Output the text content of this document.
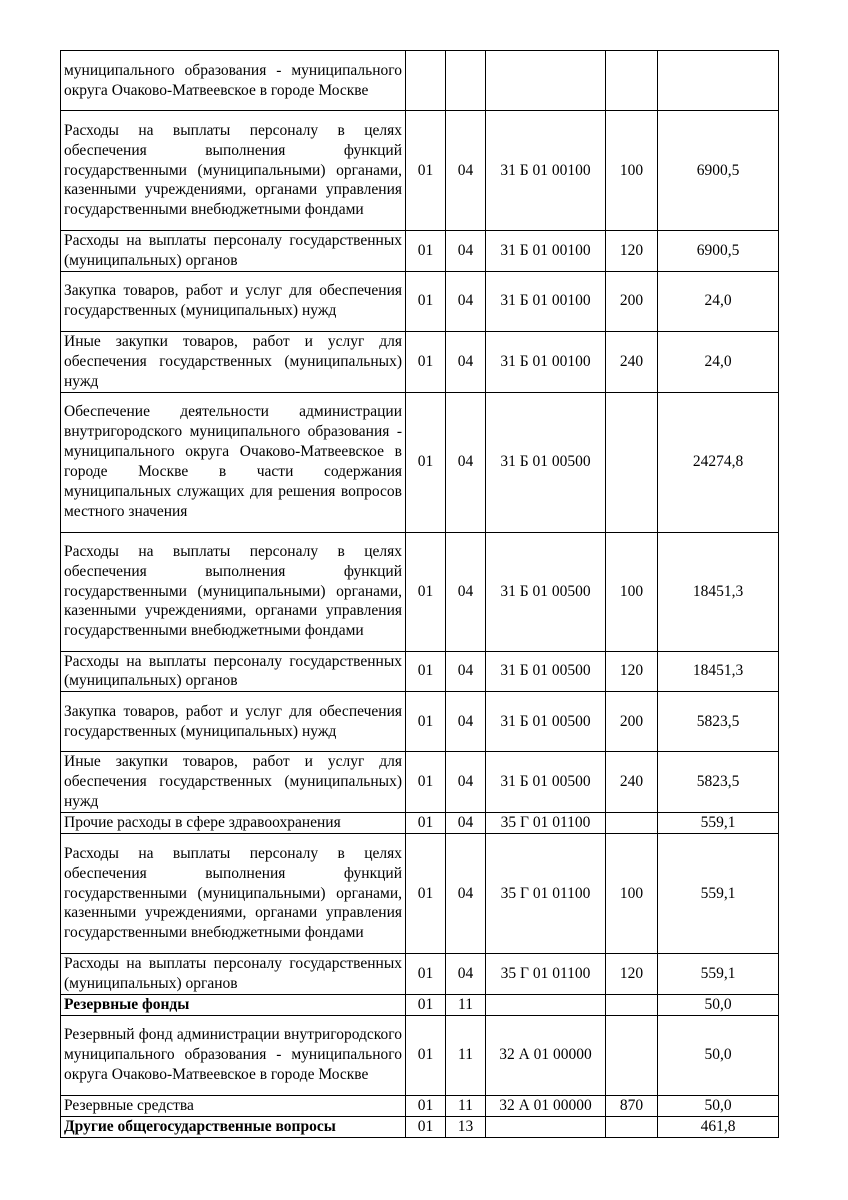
муниципального образования - муниципального округа Очаково-Матвеевское в городе Москве					
Расходы на выплаты персоналу в целях обеспечения выполнения функций государственными (муниципальными) органами, казенными учреждениями, органами управления государственными внебюджетными фондами	01	04	31 Б 01 00100	100	6900,5
Расходы на выплаты персоналу государственных (муниципальных) органов	01	04	31 Б 01 00100	120	6900,5
Закупка товаров, работ и услуг для обеспечения государственных (муниципальных) нужд	01	04	31 Б 01 00100	200	24,0
Иные закупки товаров, работ и услуг для обеспечения государственных (муниципальных) нужд	01	04	31 Б 01 00100	240	24,0
Обеспечение деятельности администрации внутригородского муниципального образования - муниципального округа Очаково-Матвеевское в городе Москве в части содержания муниципальных служащих для решения вопросов местного значения	01	04	31 Б 01 00500		24274,8
Расходы на выплаты персоналу в целях обеспечения выполнения функций государственными (муниципальными) органами, казенными учреждениями, органами управления государственными внебюджетными фондами	01	04	31 Б 01 00500	100	18451,3
Расходы на выплаты персоналу государственных (муниципальных) органов	01	04	31 Б 01 00500	120	18451,3
Закупка товаров, работ и услуг для обеспечения государственных (муниципальных) нужд	01	04	31 Б 01 00500	200	5823,5
Иные закупки товаров, работ и услуг для обеспечения государственных (муниципальных) нужд	01	04	31 Б 01 00500	240	5823,5
Прочие расходы в сфере здравоохранения	01	04	35 Г 01 01100		559,1
Расходы на выплаты персоналу в целях обеспечения выполнения функций государственными (муниципальными) органами, казенными учреждениями, органами управления государственными внебюджетными фондами	01	04	35 Г 01 01100	100	559,1
Расходы на выплаты персоналу государственных (муниципальных) органов	01	04	35 Г 01 01100	120	559,1
Резервные фонды	01	11			50,0
Резервный фонд администрации внутригородского муниципального образования - муниципального округа Очаково-Матвеевское в городе Москве	01	11	32 А 01 00000		50,0
Резервные средства	01	11	32 А 01 00000	870	50,0
Другие общегосударственные вопросы	01	13			461,8
